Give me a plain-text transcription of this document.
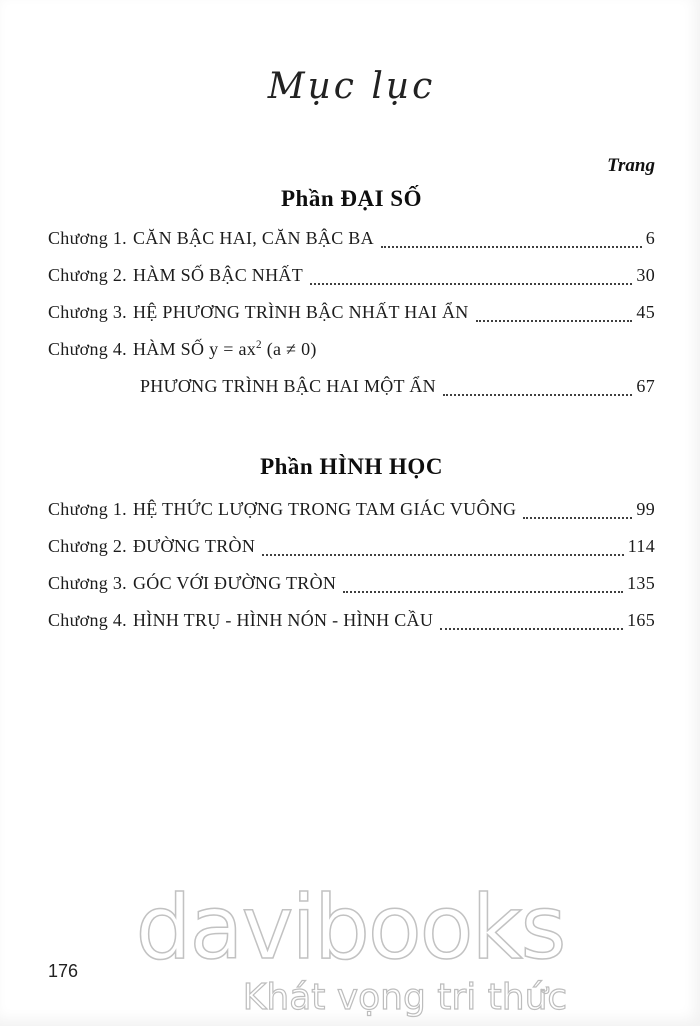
Mục lục
Trang
Phần ĐẠI SỐ
Chương 1. CĂN BẬC HAI, CĂN BẬC BA	6
Chương 2. HÀM SỐ BẬC NHẤT	30
Chương 3. HỆ PHƯƠNG TRÌNH BẬC NHẤT HAI ẨN	45
Chương 4. HÀM SỐ $y = ax^2$ (a ≠ 0)
PHƯƠNG TRÌNH BẬC HAI MỘT ẨN	67
Phần HÌNH HỌC
Chương 1. HỆ THỨC LƯỢNG TRONG TAM GIÁC VUÔNG	99
Chương 2. ĐƯỜNG TRÒN	114
Chương 3. GÓC VỚI ĐƯỜNG TRÒN	135
Chương 4. HÌNH TRỤ - HÌNH NÓN - HÌNH CẦU	165
davibooks
Khát vọng tri thức
176
